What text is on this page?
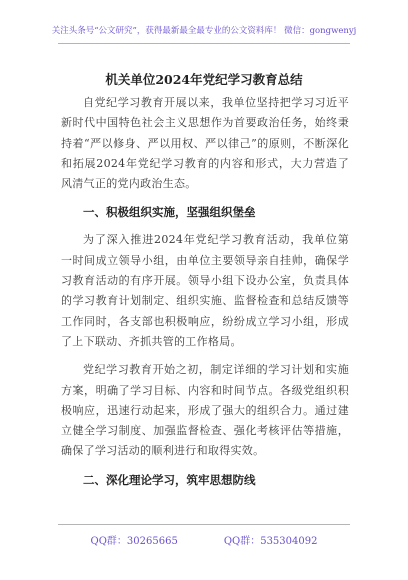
关注头条号“公文研究”，获得最新最全最专业的公文资料库！ 微信：gongwenyj
机关单位2024年党纪学习教育总结

自党纪学习教育开展以来，我单位坚持把学习习近平新时代中国特色社会主义思想作为首要政治任务，始终秉持着“严以修身、严以用权、严以律己”的原则，不断深化和拓展2024年党纪学习教育的内容和形式，大力营造了风清气正的党内政治生态。

一、积极组织实施，坚强组织堡垒

为了深入推进2024年党纪学习教育活动，我单位第一时间成立领导小组，由单位主要领导亲自挂帅，确保学习教育活动的有序开展。领导小组下设办公室，负责具体的学习教育计划制定、组织实施、监督检查和总结反馈等工作同时，各支部也积极响应，纷纷成立学习小组，形成了上下联动、齐抓共管的工作格局。

党纪学习教育开始之初，制定详细的学习计划和实施方案，明确了学习目标、内容和时间节点。各级党组织积极响应，迅速行动起来，形成了强大的组织合力。通过建立健全学习制度、加强监督检查、强化考核评估等措施，确保了学习活动的顺利进行和取得实效。

二、深化理论学习，筑牢思想防线

QQ群：30265665	QQ群：535304092
